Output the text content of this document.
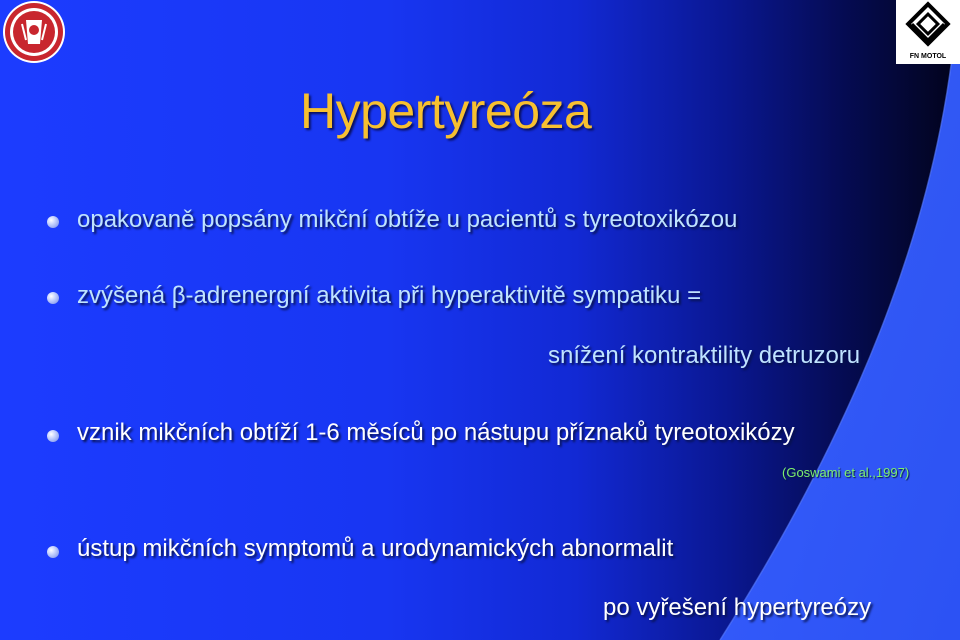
FN MOTOL
Hypertyreóza

opakovaně popsány mikční obtíže u pacientů s tyreotoxikózou

zvýšená β-adrenergní aktivita při hyperaktivitě sympatiku =

snížení kontraktility detruzoru

vznik mikčních obtíží 1-6 měsíců po nástupu příznaků tyreotoxikózy

(Goswami et al.,1997)

ústup mikčních symptomů a urodynamických abnormalit

po vyřešení hypertyreózy
